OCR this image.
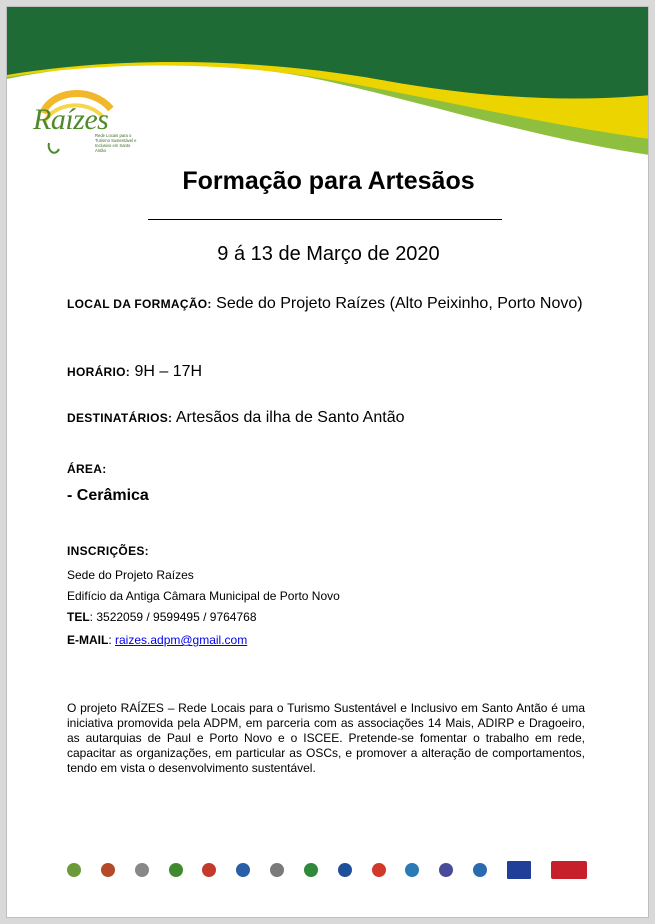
Raízes
Rede Locais para o Turismo Sustentável e Inclusivo em Santo Antão
Formação para Artesãos
9 á 13 de Março de 2020
LOCAL DA FORMAÇÃO: Sede do Projeto Raízes (Alto Peixinho, Porto Novo)
HORÁRIO: 9H – 17H
DESTINATÁRIOS: Artesãos da ilha de Santo Antão
ÁREA:
- Cerâmica
INSCRIÇÕES:
Sede do Projeto Raízes
Edifício da Antiga Câmara Municipal de Porto Novo
TEL: 3522059 / 9599495 / 9764768
E-MAIL: raizes.adpm@gmail.com
O projeto RAÍZES – Rede Locais para o Turismo Sustentável e Inclusivo em Santo Antão é uma iniciativa promovida pela ADPM, em parceria com as associações 14 Mais, ADIRP e Dragoeiro, as autarquias de Paul e Porto Novo e o ISCEE. Pretende-se fomentar o trabalho em rede, capacitar as organizações, em particular as OSCs, e promover a alteração de comportamentos, tendo em vista o desenvolvimento sustentável.
